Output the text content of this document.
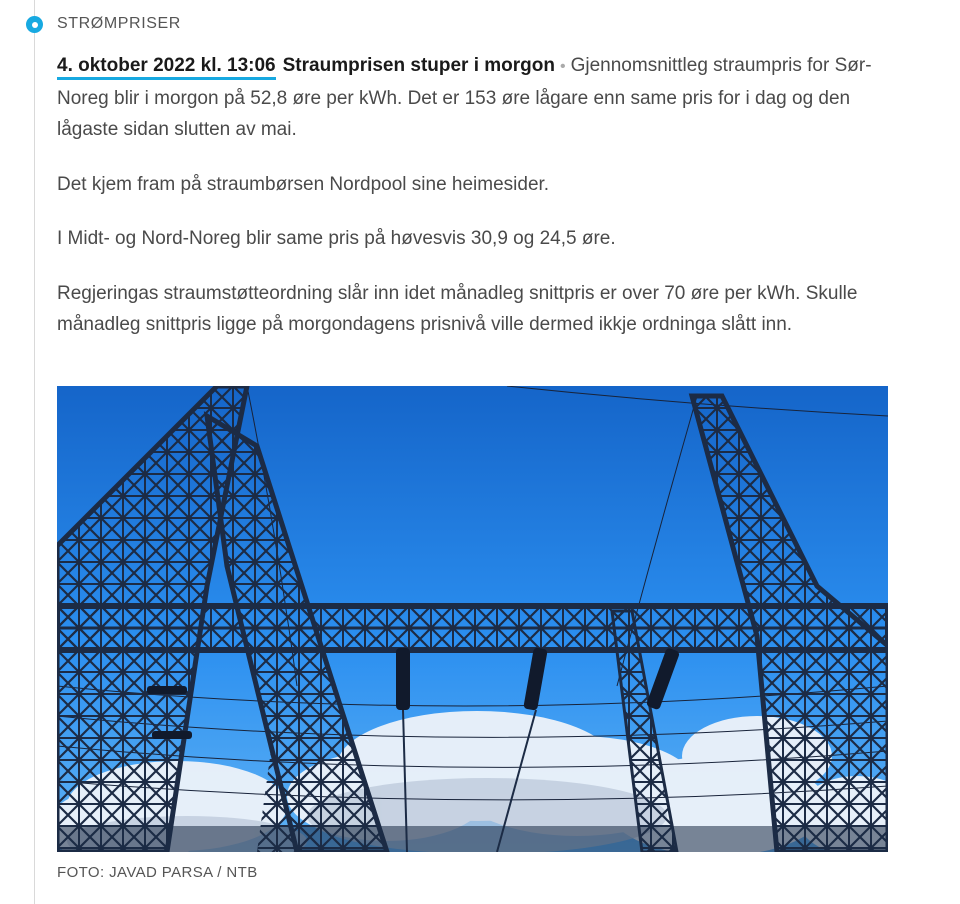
STRØMPRISER

4. oktober 2022 kl. 13:06 Straumprisen stuper i morgon • Gjennomsnittleg straumpris for Sør-Noreg blir i morgon på 52,8 øre per kWh. Det er 153 øre lågare enn same pris for i dag og den lågaste sidan slutten av mai.

Det kjem fram på straumbørsen Nordpool sine heimesider.

I Midt- og Nord-Noreg blir same pris på høvesvis 30,9 og 24,5 øre.

Regjeringas straumstøtteordning slår inn idet månadleg snittpris er over 70 øre per kWh. Skulle månadleg snittpris ligge på morgondagens prisnivå ville dermed ikkje ordninga slått inn.

FOTO: JAVAD PARSA / NTB
